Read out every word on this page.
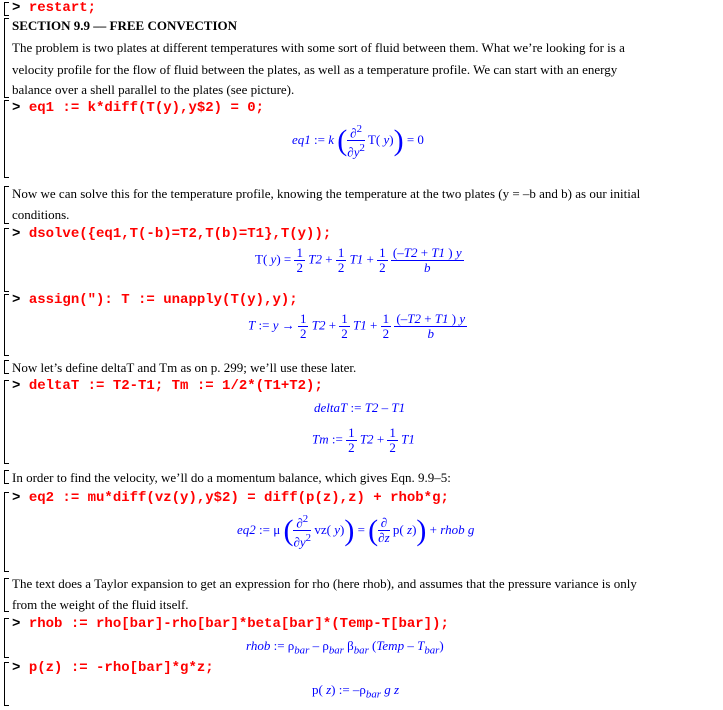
> restart;
SECTION 9.9 –– FREE CONVECTION
The problem is two plates at different temperatures with some sort of fluid between them. What we’re looking for is a
velocity profile for the flow of fluid between the plates, as well as a temperature profile. We can start with an energy
balance over a shell parallel to the plates (see picture).
> eq1 := k*diff(T(y),y$2) = 0;
eq1 := k ( $\frac{\partial^2}{\partial y^2} T$( y)) = 0
Now we can solve this for the temperature profile, knowing the temperature at the two plates (y = –b and b) as our initial
conditions.
> dsolve({eq1,T(-b)=T2,T(b)=T1},T(y));
T( $y) = \frac{1}{2} T2 + \frac{1}{2} T1 + \frac{1}{2}$
$\frac{(-T2 + T1 ) y}{b}$
> assign("): T := unapply(T(y),y);
T := $y \to \frac{1}{2} T2 + \frac{1}{2} T1 + \frac{1}{2}$
$\frac{(-T2 + T1 ) y}{b}$
Now let’s define deltaT and Tm as on p. 299; we’ll use these later.
> deltaT := T2-T1; Tm := 1/2*(T1+T2);
deltaT := T2 – T1
Tm := $\frac{1}{2} T2 + \frac{1}{2} T1$
In order to find the velocity, we’ll do a momentum balance, which gives Eqn. 9.9–5:
> eq2 := mu*diff(vz(y),y$2) = diff(p(z),z) + rhob*g;
eq2 := μ ( $\frac{\partial^2}{\partial y^2} vz$( y)) = ( $\frac{\partial}{\partial z} p$( z)) + rhob g
The text does a Taylor expansion to get an expression for rho (here rhob), and assumes that the pressure variance is only
from the weight of the fluid itself.
> rhob := rho[bar]-rho[bar]*beta[bar]*(Temp-T[bar]);
rhob := $\rho_{bar} - \rho_{bar}$ $\beta_{bar}$ (Temp – $T_{bar}$)
> p(z) := -rho[bar]*g*z;
p( z) := $-\rho_{bar}$ g z
